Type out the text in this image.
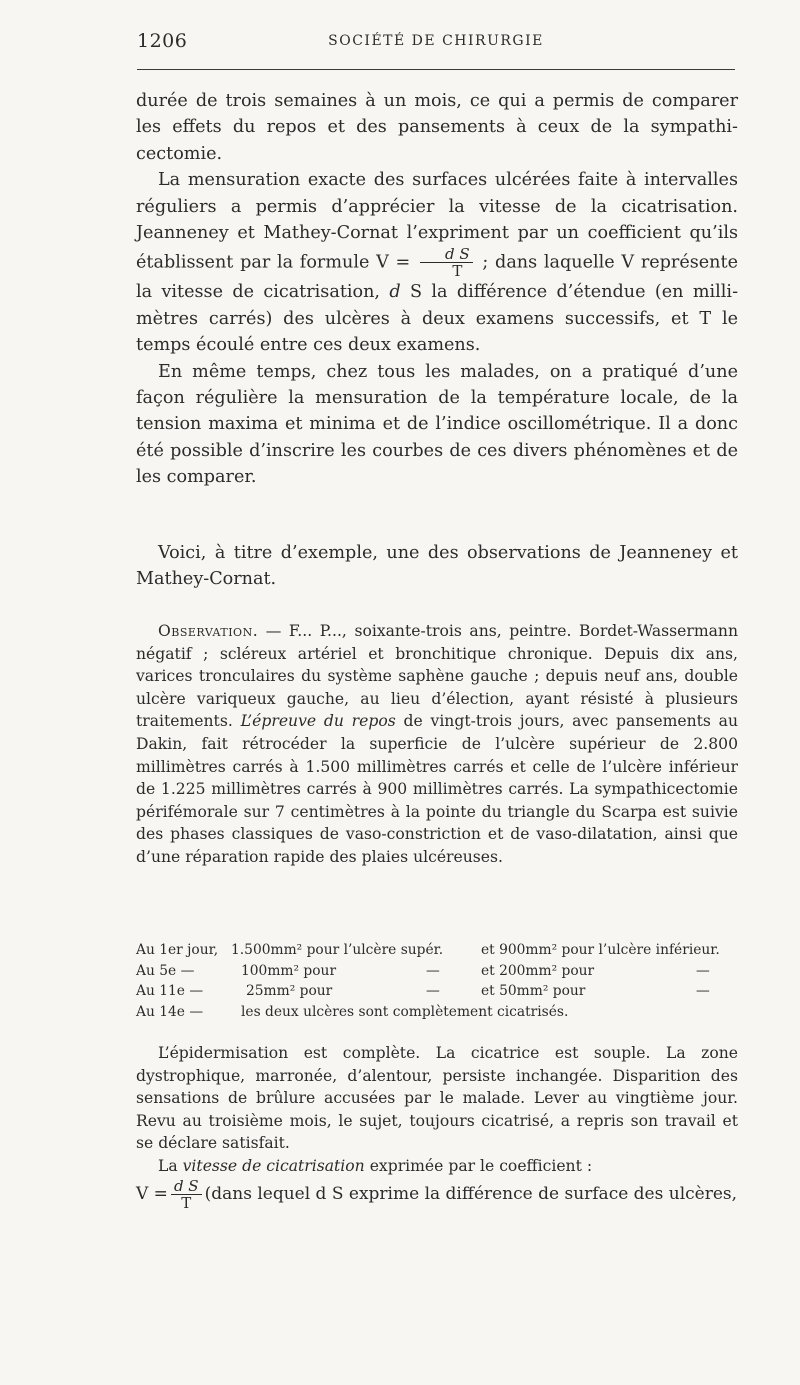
1206	SOCIÉTÉ DE CHIRURGIE

durée de trois semaines à un mois, ce qui a permis de comparer les effets du repos et des pansements à ceux de la sympathicectomie.

La mensuration exacte des surfaces ulcérées faite à intervalles réguliers a permis d’apprécier la vitesse de la cicatrisation. Jeanneney et Mathey-Cornat l’expriment par un coefficient qu’ils établissent par la formule $V = \frac{\text{d S}}{T}$ ; dans laquelle V représente la vitesse de cicatrisation, d S la différence d’étendue (en millimètres carrés) des ulcères à deux examens successifs, et T le temps écoulé entre ces deux examens.

En même temps, chez tous les malades, on a pratiqué d’une façon régulière la mensuration de la température locale, de la tension maxima et minima et de l’indice oscillométrique. Il a donc été possible d’inscrire les courbes de ces divers phénomènes et de les comparer.

Voici, à titre d’exemple, une des observations de Jeanneney et Mathey-Cornat.

Observation. — F... P..., soixante-trois ans, peintre. Bordet-Wassermann négatif ; scléreux artériel et bronchitique chronique. Depuis dix ans, varices tronculaires du système saphène gauche ; depuis neuf ans, double ulcère variqueux gauche, au lieu d’élection, ayant résisté à plusieurs traitements. L’épreuve du repos de vingt-trois jours, avec pansements au Dakin, fait rétrocéder la superficie de l’ulcère supérieur de 2.800 millimètres carrés à 1.500 millimètres carrés et celle de l’ulcère inférieur de 1.225 millimètres carrés à 900 millimètres carrés. La sympathicectomie périfémorale sur 7 centimètres à la pointe du triangle du Scarpa est suivie des phases classiques de vaso-constriction et de vaso-dilatation, ainsi que d’une réparation rapide des plaies ulcéreuses.

Au 1er jour, 1.500mm² pour l’ulcère supér.	et 900mm² pour l’ulcère inférieur.
Au 5e —	100mm² pour	—	et 200mm² pour	—
Au 11e —	25mm² pour	—	et 50mm² pour	—
Au 14e —	les deux ulcères sont complètement cicatrisés.

L’épidermisation est complète. La cicatrice est souple. La zone dystrophique, marronée, d’alentour, persiste inchangée. Disparition des sensations de brûlure accusées par le malade. Lever au vingtième jour. Revu au troisième mois, le sujet, toujours cicatrisé, a repris son travail et se déclare satisfait.

La vitesse de cicatrisation exprimée par le coefficient :

$V = \frac{\text{d S}}{T}$ (dans lequel d S exprime la différence de surface des ulcères,
